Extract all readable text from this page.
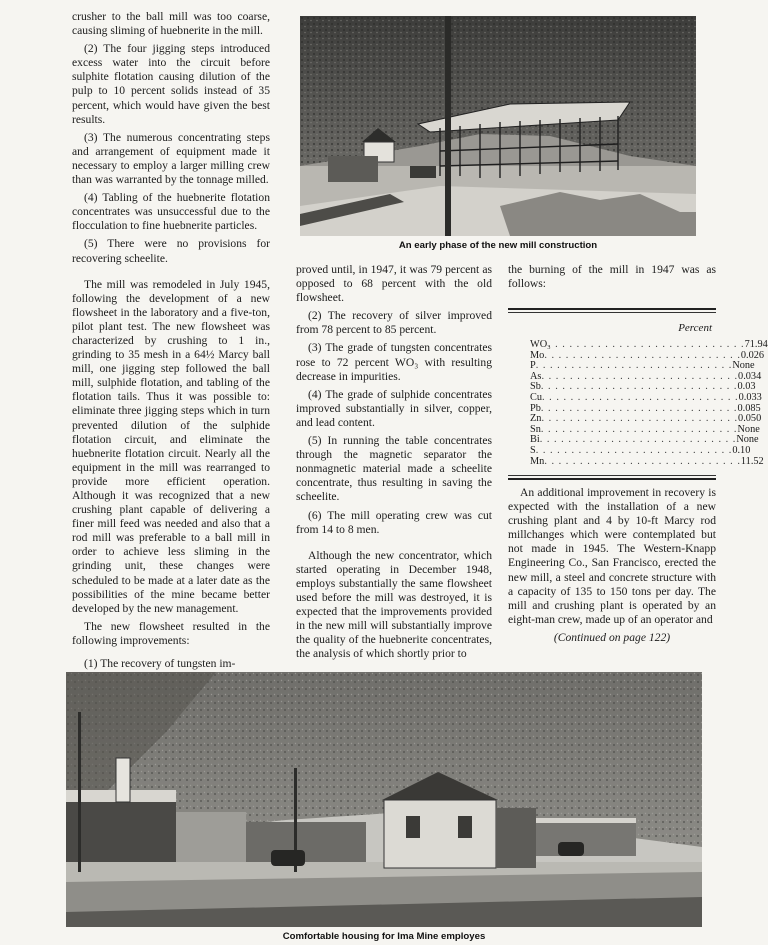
crusher to the ball mill was too coarse, causing sliming of huebnerite in the mill.

(2) The four jigging steps introduced excess water into the circuit before sulphite flotation causing dilution of the pulp to 10 percent solids instead of 35 percent, which would have given the best results.

(3) The numerous concentrating steps and arrangement of equipment made it necessary to employ a larger milling crew than was warranted by the tonnage milled.

(4) Tabling of the huebnerite flotation concentrates was unsuccessful due to the flocculation to fine huebnerite particles.

(5) There were no provisions for recovering scheelite.

The mill was remodeled in July 1945, following the development of a new flowsheet in the laboratory and a five-ton, pilot plant test. The new flowsheet was characterized by crushing to 1 in., grinding to 35 mesh in a 64½ Marcy ball mill, one jigging step followed the ball mill, sulphide flotation, and tabling of the flotation tails. Thus it was possible to: eliminate three jigging steps which in turn prevented dilution of the sulphide flotation circuit, and eliminate the huebnerite flotation circuit. Nearly all the equipment in the mill was rearranged to provide more efficient operation. Although it was recognized that a new crushing plant capable of delivering a finer mill feed was needed and also that a rod mill was preferable to a ball mill in order to achieve less sliming in the grinding unit, these changes were scheduled to be made at a later date as the possibilities of the mine became better developed by the new management.

The new flowsheet resulted in the following improvements:

(1) The recovery of tungsten im-

An early phase of the new mill construction

proved until, in 1947, it was 79 percent as opposed to 68 percent with the old flowsheet.

(2) The recovery of silver improved from 78 percent to 85 percent.

(3) The grade of tungsten concentrates rose to 72 percent WO₃ with resulting decrease in impurities.

(4) The grade of sulphide concentrates improved substantially in silver, copper, and lead content.

(5) In running the table concentrates through the magnetic separator the nonmagnetic material made a scheelite concentrate, thus resulting in saving the scheelite.

(6) The mill operating crew was cut from 14 to 8 men.

Although the new concentrator, which started operating in December 1948, employs substantially the same flowsheet used before the mill was destroyed, it is expected that the improvements provided in the new mill will substantially improve the quality of the huebnerite concentrates, the analysis of which shortly prior to

the burning of the mill in 1947 was as follows:

Percent
WO₃
. . . . . . . . . . . . . . . . . . . . . . . . . . . . 71.94
Mo . . . . . . . . . . . . . . . . . . . . . . . . . . . . 0.026
P . . . . . . . . . . . . . . . . . . . . . . . . . . . . None
As . . . . . . . . . . . . . . . . . . . . . . . . . . . . 0.034
Sb . . . . . . . . . . . . . . . . . . . . . . . . . . . . 0.03
Cu . . . . . . . . . . . . . . . . . . . . . . . . . . . . 0.033
Pb . . . . . . . . . . . . . . . . . . . . . . . . . . . . 0.085
Zn . . . . . . . . . . . . . . . . . . . . . . . . . . . . 0.050
Sn . . . . . . . . . . . . . . . . . . . . . . . . . . . . None
Bi . . . . . . . . . . . . . . . . . . . . . . . . . . . . None
S . . . . . . . . . . . . . . . . . . . . . . . . . . . . 0.10
Mn . . . . . . . . . . . . . . . . . . . . . . . . . . . . 11.52

An additional improvement in recovery is expected with the installation of a new crushing plant and 4 by 10-ft Marcy rod millchanges which were contemplated but not made in 1945. The Western-Knapp Engineering Co., San Francisco, erected the new mill, a steel and concrete structure with a capacity of 135 to 150 tons per day. The mill and crushing plant is operated by an eight-man crew, made up of an operator and

(Continued on page 122)

Comfortable housing for Ima Mine employes
